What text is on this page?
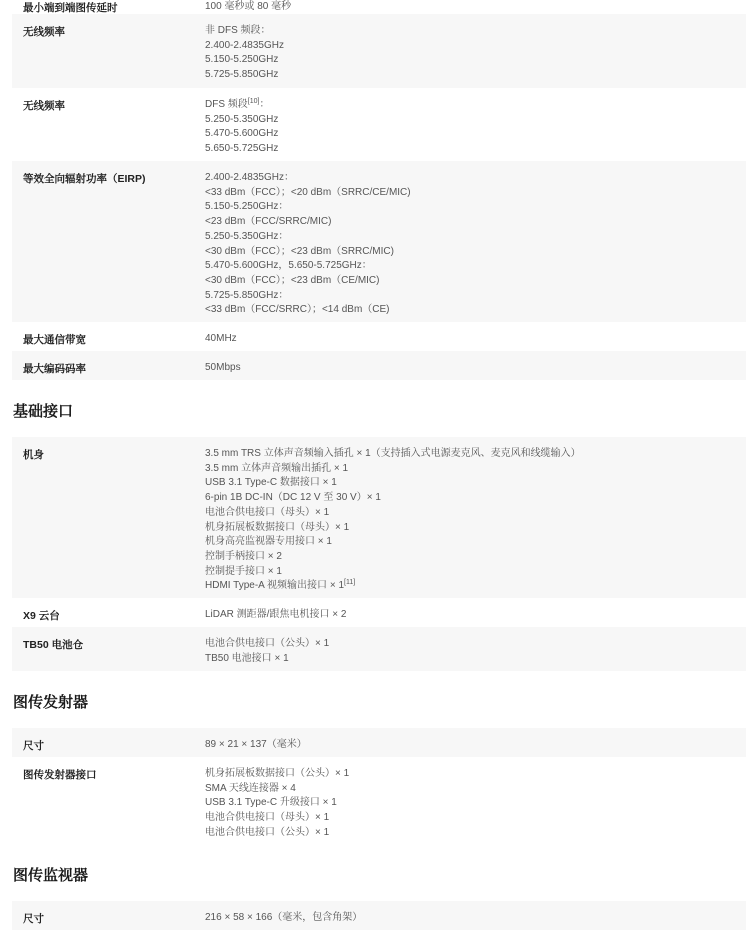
最小端到端图传延时	100 毫秒或 80 毫秒
无线频率	非 DFS 频段：
2.400-2.4835GHz
5.150-5.250GHz
5.725-5.850GHz
无线频率	DFS 频段[10]：
5.250-5.350GHz
5.470-5.600GHz
5.650-5.725GHz
等效全向辐射功率（EIRP)	2.400-2.4835GHz：
<33 dBm（FCC）；<20 dBm（SRRC/CE/MIC)
5.150-5.250GHz：
<23 dBm（FCC/SRRC/MIC)
5.250-5.350GHz：
<30 dBm（FCC）；<23 dBm（SRRC/MIC)
5.470-5.600GHz，5.650-5.725GHz：
<30 dBm（FCC）；<23 dBm（CE/MIC)
5.725-5.850GHz：
<33 dBm（FCC/SRRC）；<14 dBm（CE)
最大通信带宽	40MHz
最大编码码率	50Mbps
基础接口
机身	3.5 mm TRS 立体声音频输入插孔 × 1（支持插入式电源麦克风、麦克风和线缆输入）
3.5 mm 立体声音频输出插孔 × 1
USB 3.1 Type-C 数据接口 × 1
6-pin 1B DC-IN（DC 12 V 至 30 V）× 1
电池合供电接口（母头）× 1
机身拓展板数据接口（母头）× 1
机身高亮监视器专用接口 × 1
控制手柄接口 × 2
控制提手接口 × 1
HDMI Type-A 视频输出接口 × 1[11]
X9 云台	LiDAR 测距器/跟焦电机接口 × 2
TB50 电池仓	电池合供电接口（公头）× 1
TB50 电池接口 × 1
图传发射器
尺寸	89 × 21 × 137（毫米）
图传发射器接口	机身拓展板数据接口（公头）× 1
SMA 天线连接器 × 4
USB 3.1 Type-C 升级接口 × 1
电池合供电接口（母头）× 1
电池合供电接口（公头）× 1
图传监视器
尺寸	216 × 58 × 166（毫米，包含角架）
